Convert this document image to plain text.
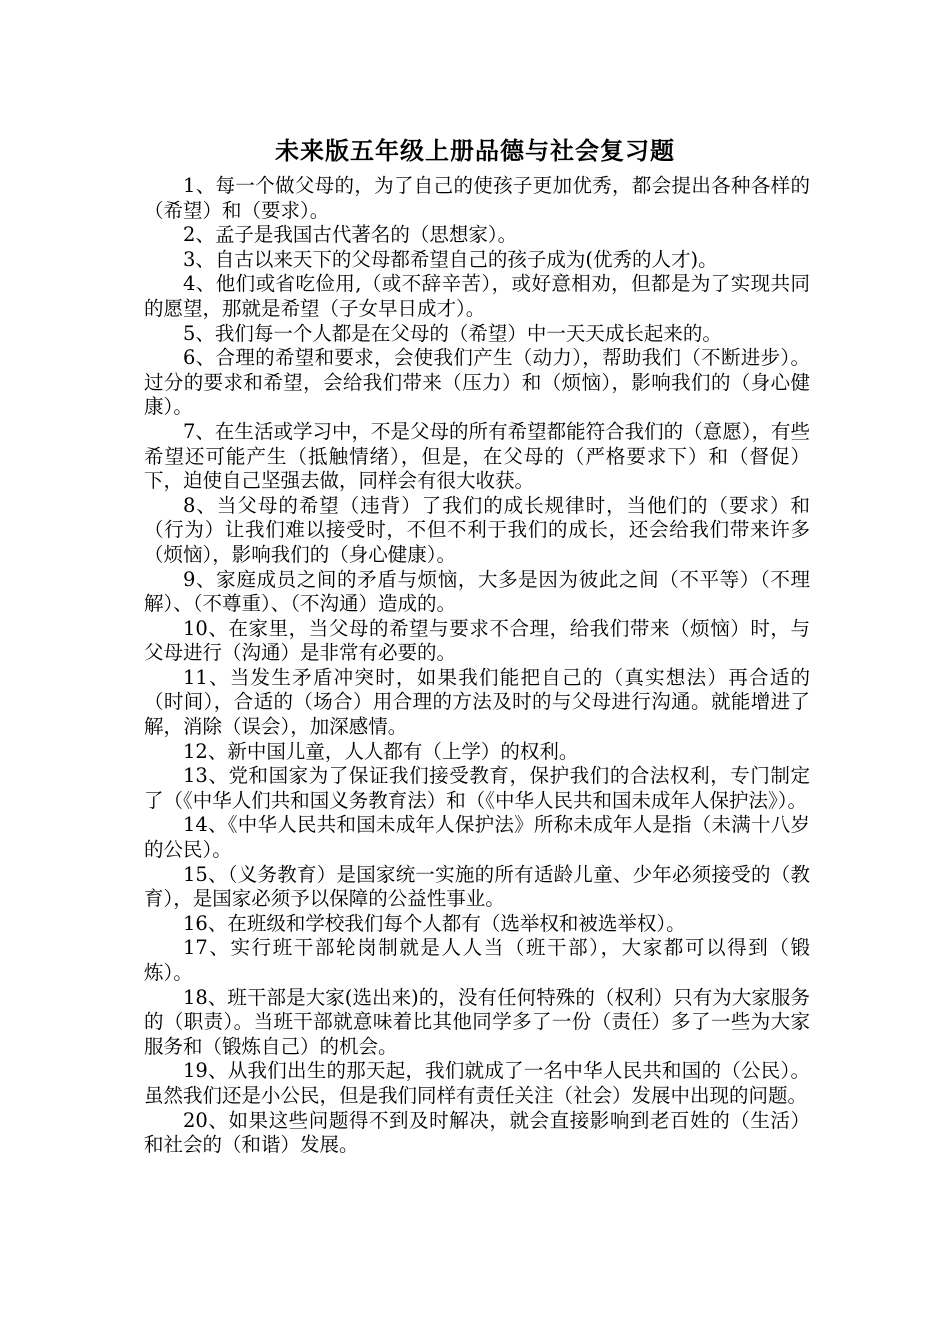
未来版五年级上册品德与社会复习题

1、每一个做父母的，为了自己的使孩子更加优秀，都会提出各种各样的（希望）和（要求）。

2、孟子是我国古代著名的（思想家）。

3、自古以来天下的父母都希望自己的孩子成为(优秀的人才)。

4、他们或省吃俭用,（或不辞辛苦），或好意相劝，但都是为了实现共同的愿望，那就是希望（子女早日成才）。

5、我们每一个人都是在父母的（希望）中一天天成长起来的。

6、合理的希望和要求，会使我们产生（动力），帮助我们（不断进步）。过分的要求和希望，会给我们带来（压力）和（烦恼），影响我们的（身心健康）。

7、在生活或学习中，不是父母的所有希望都能符合我们的（意愿），有些希望还可能产生（抵触情绪），但是，在父母的（严格要求下）和（督促）下，迫使自己坚强去做，同样会有很大收获。

8、当父母的希望（违背）了我们的成长规律时，当他们的（要求）和（行为）让我们难以接受时，不但不利于我们的成长，还会给我们带来许多（烦恼），影响我们的（身心健康）。

9、家庭成员之间的矛盾与烦恼，大多是因为彼此之间（不平等）（不理解）、（不尊重）、（不沟通）造成的。

10、在家里，当父母的希望与要求不合理，给我们带来（烦恼）时，与父母进行（沟通）是非常有必要的。

11、当发生矛盾冲突时，如果我们能把自己的（真实想法）再合适的（时间），合适的（场合）用合理的方法及时的与父母进行沟通。就能增进了解，消除（误会），加深感情。

12、新中国儿童，人人都有（上学）的权利。

13、党和国家为了保证我们接受教育，保护我们的合法权利，专门制定了（《中华人们共和国义务教育法）和（《中华人民共和国未成年人保护法》）。

14、《中华人民共和国未成年人保护法》所称未成年人是指（未满十八岁的公民）。

15、（义务教育）是国家统一实施的所有适龄儿童、少年必须接受的（教育），是国家必须予以保障的公益性事业。

16、在班级和学校我们每个人都有（选举权和被选举权）。

17、实行班干部轮岗制就是人人当（班干部），大家都可以得到（锻炼）。

18、班干部是大家(选出来)的，没有任何特殊的（权利）只有为大家服务的（职责）。当班干部就意味着比其他同学多了一份（责任）多了一些为大家服务和（锻炼自己）的机会。

19、从我们出生的那天起，我们就成了一名中华人民共和国的（公民）。虽然我们还是小公民，但是我们同样有责任关注（社会）发展中出现的问题。

20、如果这些问题得不到及时解决，就会直接影响到老百姓的（生活）和社会的（和谐）发展。
